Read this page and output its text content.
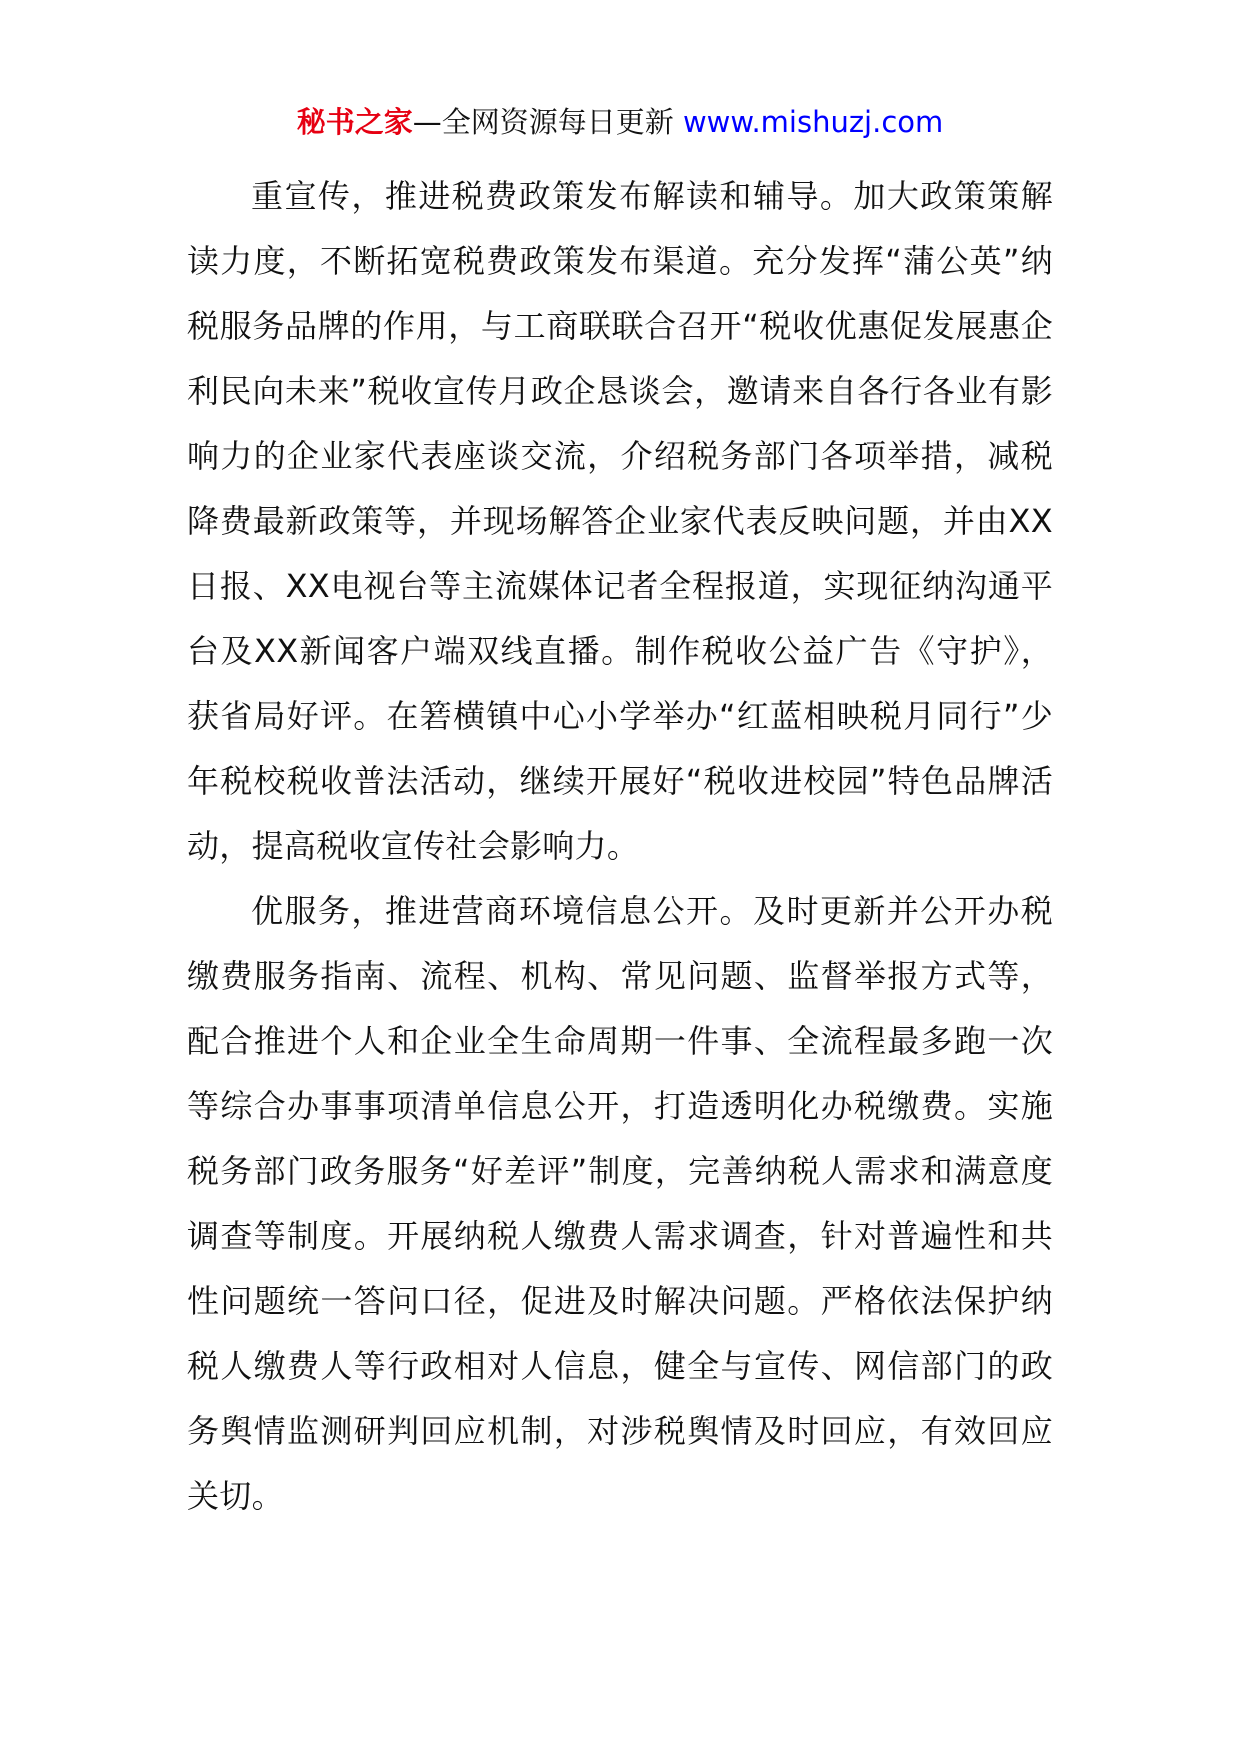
秘书之家—全网资源每日更新 www.mishuzj.com

重宣传，推进税费政策发布解读和辅导。加大政策策解读力度，不断拓宽税费政策发布渠道。充分发挥“蒲公英”纳税服务品牌的作用，与工商联联合召开“税收优惠促发展惠企利民向未来”税收宣传月政企恳谈会，邀请来自各行各业有影响力的企业家代表座谈交流，介绍税务部门各项举措，减税降费最新政策等，并现场解答企业家代表反映问题，并由XX日报、XX电视台等主流媒体记者全程报道，实现征纳沟通平台及XX新闻客户端双线直播。制作税收公益广告《守护》，获省局好评。在箬横镇中心小学举办“红蓝相映税月同行”少年税校税收普法活动，继续开展好“税收进校园”特色品牌活动，提高税收宣传社会影响力。

优服务，推进营商环境信息公开。及时更新并公开办税缴费服务指南、流程、机构、常见问题、监督举报方式等，配合推进个人和企业全生命周期一件事、全流程最多跑一次等综合办事事项清单信息公开，打造透明化办税缴费。实施税务部门政务服务“好差评”制度，完善纳税人需求和满意度调查等制度。开展纳税人缴费人需求调查，针对普遍性和共性问题统一答问口径，促进及时解决问题。严格依法保护纳税人缴费人等行政相对人信息，健全与宣传、网信部门的政务舆情监测研判回应机制，对涉税舆情及时回应，有效回应关切。
